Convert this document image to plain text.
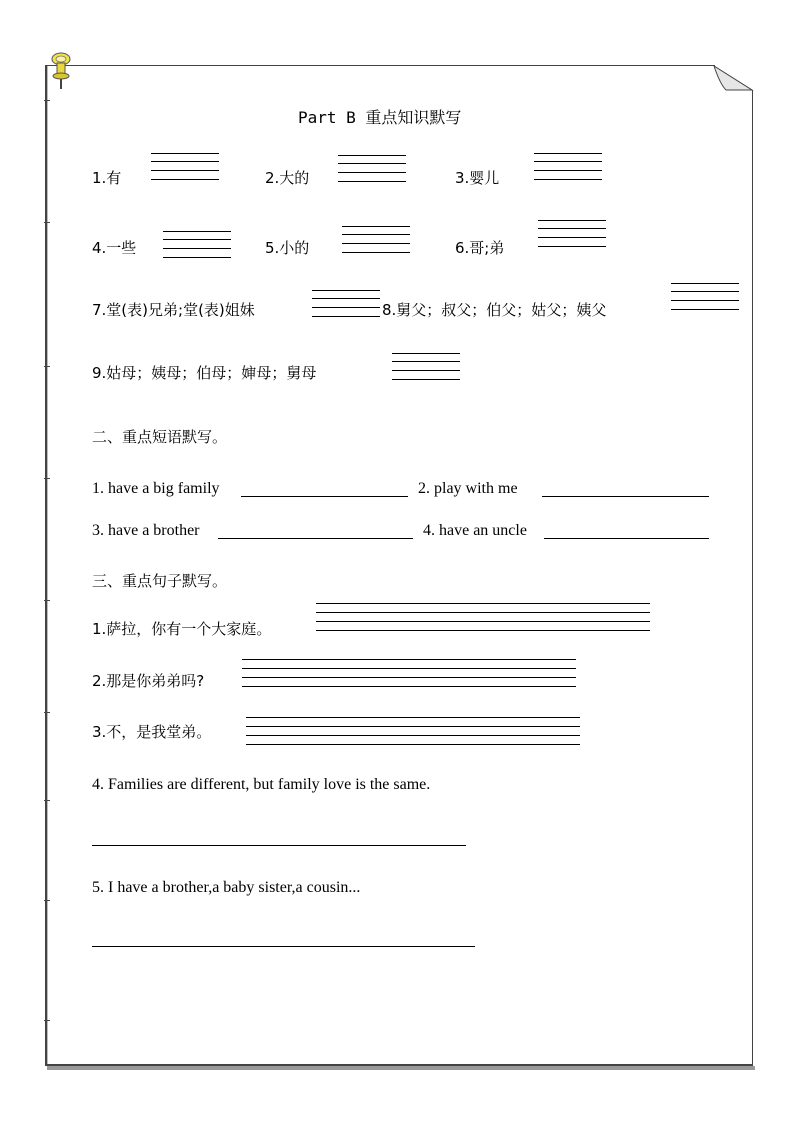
Part B 重点知识默写
1.有	2.大的	3.婴儿
4.一些	5.小的	6.哥;弟
7.堂(表)兄弟;堂(表)姐妹	8.舅父；叔父；伯父；姑父；姨父
9.姑母；姨母；伯母；婶母；舅母
二、重点短语默写。
1. have a big family	2. play with me
3. have a brother	4. have an uncle
三、重点句子默写。
1.萨拉，你有一个大家庭。
2.那是你弟弟吗?
3.不，是我堂弟。
4. Families are different, but family love is the same.
5. I have a brother,a baby sister,a cousin...
